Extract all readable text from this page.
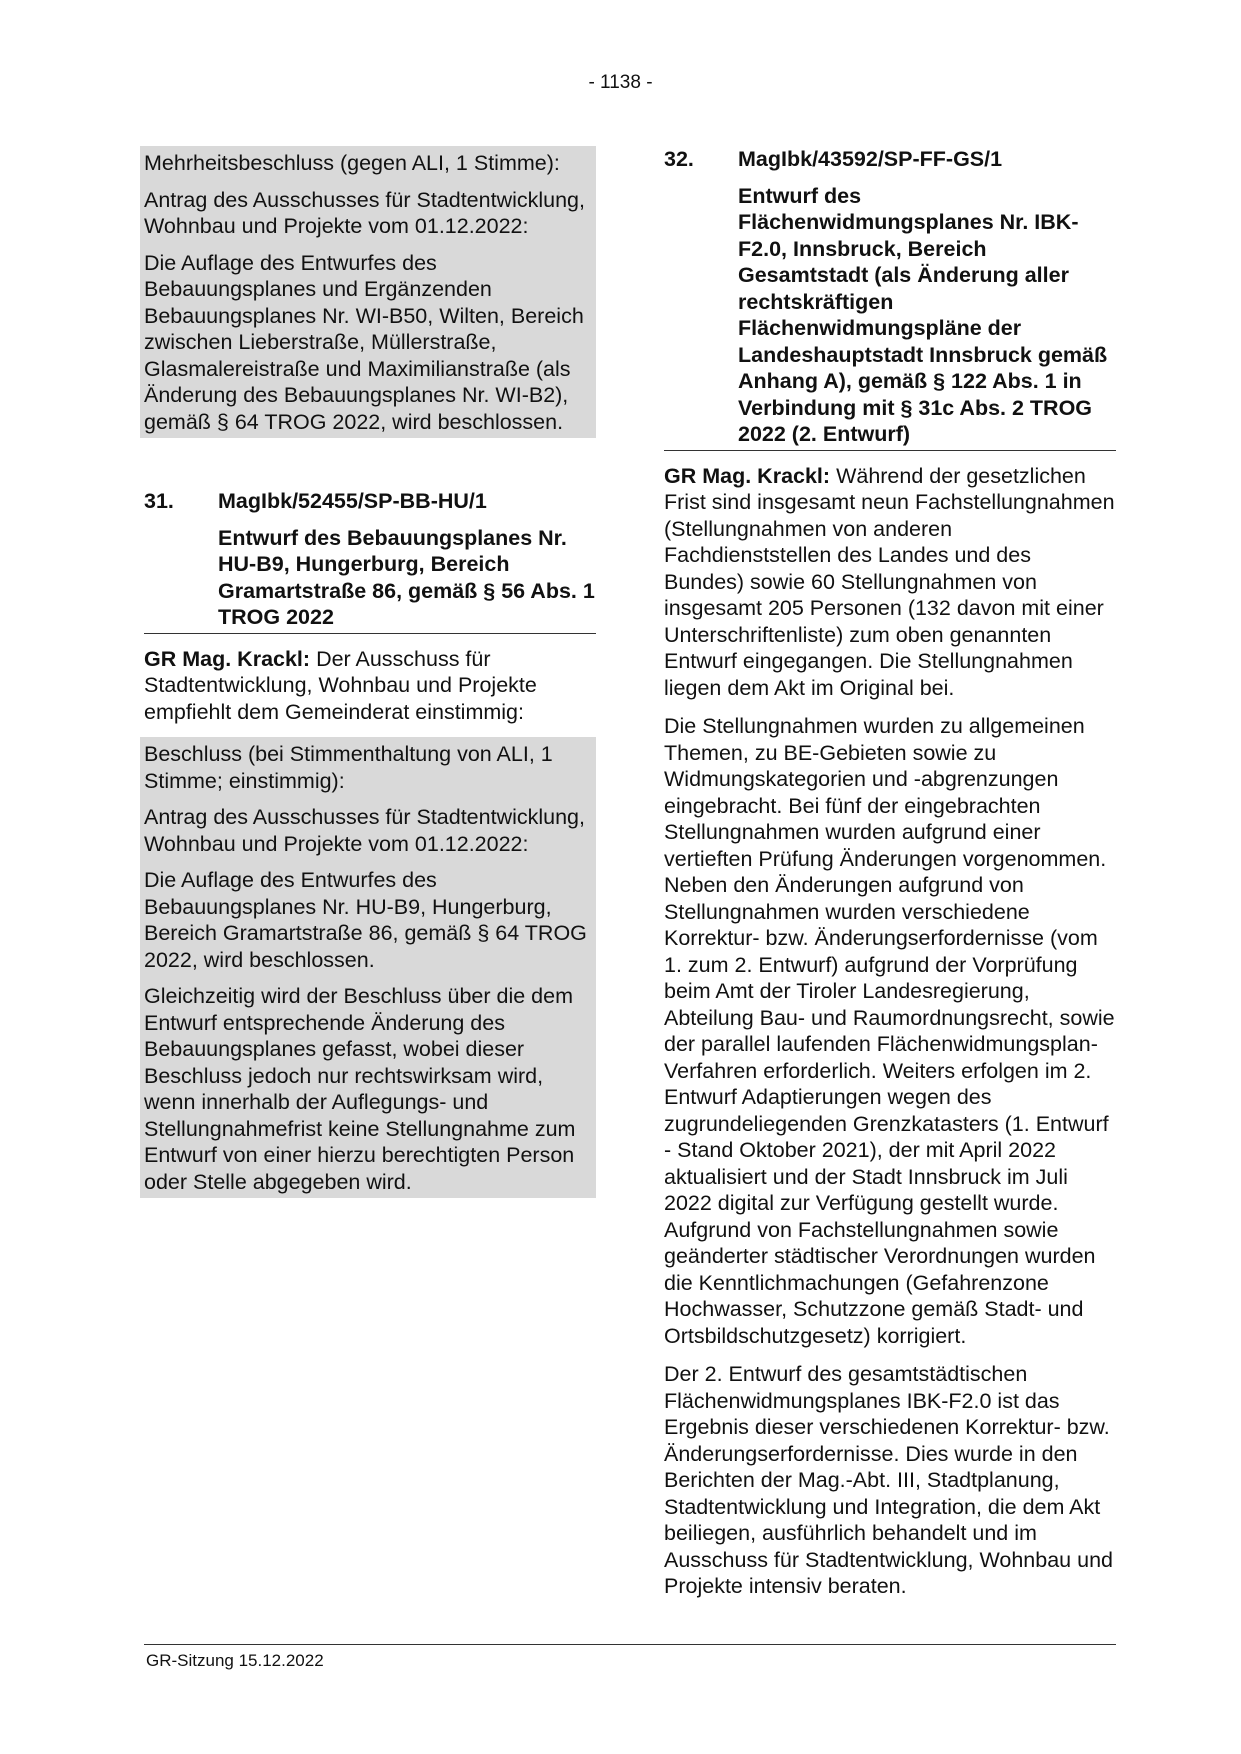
- 1138 -

Mehrheitsbeschluss (gegen ALI, 1 Stimme):

Antrag des Ausschusses für Stadtentwicklung, Wohnbau und Projekte vom 01.12.2022:

Die Auflage des Entwurfes des Bebauungsplanes und Ergänzenden Bebauungsplanes Nr. WI-B50, Wilten, Bereich zwischen Lieberstraße, Müllerstraße, Glasmalereistraße und Maximilianstraße (als Änderung des Bebauungsplanes Nr. WI-B2), gemäß § 64 TROG 2022, wird beschlossen.

31.	MagIbk/52455/SP-BB-HU/1
Entwurf des Bebauungsplanes Nr. HU-B9, Hungerburg, Bereich Gramartstraße 86, gemäß § 56 Abs. 1 TROG 2022

GR Mag. Krackl: Der Ausschuss für Stadtentwicklung, Wohnbau und Projekte empfiehlt dem Gemeinderat einstimmig:

Beschluss (bei Stimmenthaltung von ALI, 1 Stimme; einstimmig):

Antrag des Ausschusses für Stadtentwicklung, Wohnbau und Projekte vom 01.12.2022:

Die Auflage des Entwurfes des Bebauungsplanes Nr. HU-B9, Hungerburg, Bereich Gramartstraße 86, gemäß § 64 TROG 2022, wird beschlossen.

Gleichzeitig wird der Beschluss über die dem Entwurf entsprechende Änderung des Bebauungsplanes gefasst, wobei dieser Beschluss jedoch nur rechtswirksam wird, wenn innerhalb der Auflegungs- und Stellungnahmefrist keine Stellungnahme zum Entwurf von einer hierzu berechtigten Person oder Stelle abgegeben wird.

32.	MagIbk/43592/SP-FF-GS/1
Entwurf des Flächenwidmungsplanes Nr. IBK-F2.0, Innsbruck, Bereich Gesamtstadt (als Änderung aller rechtskräftigen Flächenwidmungspläne der Landeshauptstadt Innsbruck gemäß Anhang A), gemäß § 122 Abs. 1 in Verbindung mit § 31c Abs. 2 TROG 2022 (2. Entwurf)

GR Mag. Krackl: Während der gesetzlichen Frist sind insgesamt neun Fachstellungnahmen (Stellungnahmen von anderen Fachdienststellen des Landes und des Bundes) sowie 60 Stellungnahmen von insgesamt 205 Personen (132 davon mit einer Unterschriftenliste) zum oben genannten Entwurf eingegangen. Die Stellungnahmen liegen dem Akt im Original bei.

Die Stellungnahmen wurden zu allgemeinen Themen, zu BE-Gebieten sowie zu Widmungskategorien und -abgrenzungen eingebracht. Bei fünf der eingebrachten Stellungnahmen wurden aufgrund einer vertieften Prüfung Änderungen vorgenommen. Neben den Änderungen aufgrund von Stellungnahmen wurden verschiedene Korrektur- bzw. Änderungserfordernisse (vom 1. zum 2. Entwurf) aufgrund der Vorprüfung beim Amt der Tiroler Landesregierung, Abteilung Bau- und Raumordnungsrecht, sowie der parallel laufenden Flächenwidmungsplan-Verfahren erforderlich. Weiters erfolgen im 2. Entwurf Adaptierungen wegen des zugrundeliegenden Grenzkatasters (1. Entwurf - Stand Oktober 2021), der mit April 2022 aktualisiert und der Stadt Innsbruck im Juli 2022 digital zur Verfügung gestellt wurde. Aufgrund von Fachstellungnahmen sowie geänderter städtischer Verordnungen wurden die Kenntlichmachungen (Gefahrenzone Hochwasser, Schutzzone gemäß Stadt- und Ortsbildschutzgesetz) korrigiert.

Der 2. Entwurf des gesamtstädtischen Flächenwidmungsplanes IBK-F2.0 ist das Ergebnis dieser verschiedenen Korrektur- bzw. Änderungserfordernisse. Dies wurde in den Berichten der Mag.-Abt. III, Stadtplanung, Stadtentwicklung und Integration, die dem Akt beiliegen, ausführlich behandelt und im Ausschuss für Stadtentwicklung, Wohnbau und Projekte intensiv beraten.

GR-Sitzung 15.12.2022
